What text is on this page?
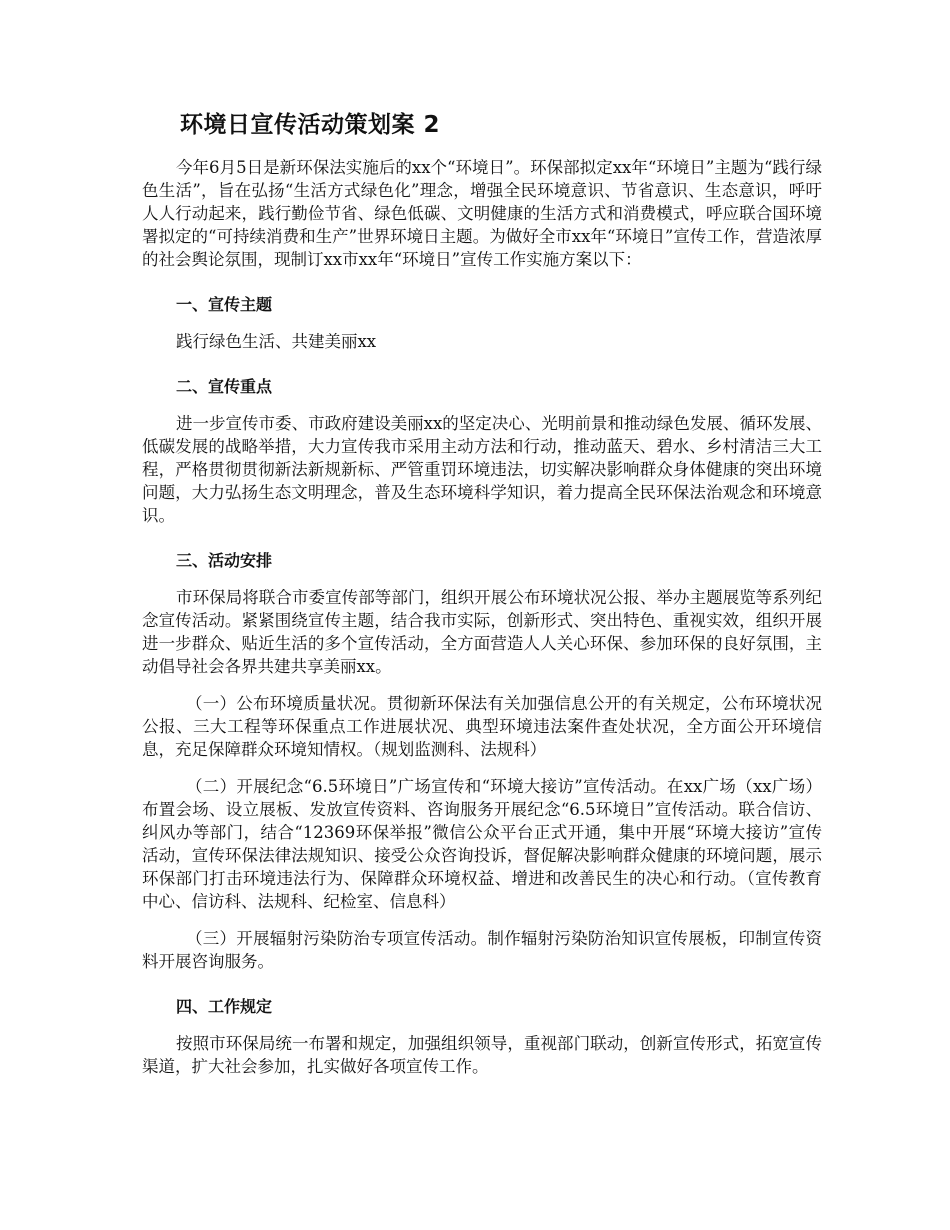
环境日宣传活动策划案 2

今年6月5日是新环保法实施后的xx个“环境日”。环保部拟定xx年“环境日”主题为“践行绿色生活”，旨在弘扬“生活方式绿色化”理念，增强全民环境意识、节省意识、生态意识，呼吁人人行动起来，践行勤俭节省、绿色低碳、文明健康的生活方式和消费模式，呼应联合国环境署拟定的“可持续消费和生产”世界环境日主题。为做好全市xx年“环境日”宣传工作，营造浓厚的社会舆论氛围，现制订xx市xx年“环境日”宣传工作实施方案以下：

一、宣传主题

践行绿色生活、共建美丽xx

二、宣传重点

进一步宣传市委、市政府建设美丽xx的坚定决心、光明前景和推动绿色发展、循环发展、低碳发展的战略举措，大力宣传我市采用主动方法和行动，推动蓝天、碧水、乡村清洁三大工程，严格贯彻贯彻新法新规新标、严管重罚环境违法，切实解决影响群众身体健康的突出环境问题，大力弘扬生态文明理念，普及生态环境科学知识，着力提高全民环保法治观念和环境意识。

三、活动安排

市环保局将联合市委宣传部等部门，组织开展公布环境状况公报、举办主题展览等系列纪念宣传活动。紧紧围绕宣传主题，结合我市实际，创新形式、突出特色、重视实效，组织开展进一步群众、贴近生活的多个宣传活动，全方面营造人人关心环保、参加环保的良好氛围，主动倡导社会各界共建共享美丽xx。

（一）公布环境质量状况。贯彻新环保法有关加强信息公开的有关规定，公布环境状况公报、三大工程等环保重点工作进展状况、典型环境违法案件查处状况，全方面公开环境信息，充足保障群众环境知情权。（规划监测科、法规科）

（二）开展纪念“6.5环境日”广场宣传和“环境大接访”宣传活动。在xx广场（xx广场）布置会场、设立展板、发放宣传资料、咨询服务开展纪念“6.5环境日”宣传活动。联合信访、纠风办等部门，结合“12369环保举报”微信公众平台正式开通，集中开展“环境大接访”宣传活动，宣传环保法律法规知识、接受公众咨询投诉，督促解决影响群众健康的环境问题，展示环保部门打击环境违法行为、保障群众环境权益、增进和改善民生的决心和行动。（宣传教育中心、信访科、法规科、纪检室、信息科）

（三）开展辐射污染防治专项宣传活动。制作辐射污染防治知识宣传展板，印制宣传资料开展咨询服务。

四、工作规定

按照市环保局统一布署和规定，加强组织领导，重视部门联动，创新宣传形式，拓宽宣传渠道，扩大社会参加，扎实做好各项宣传工作。
